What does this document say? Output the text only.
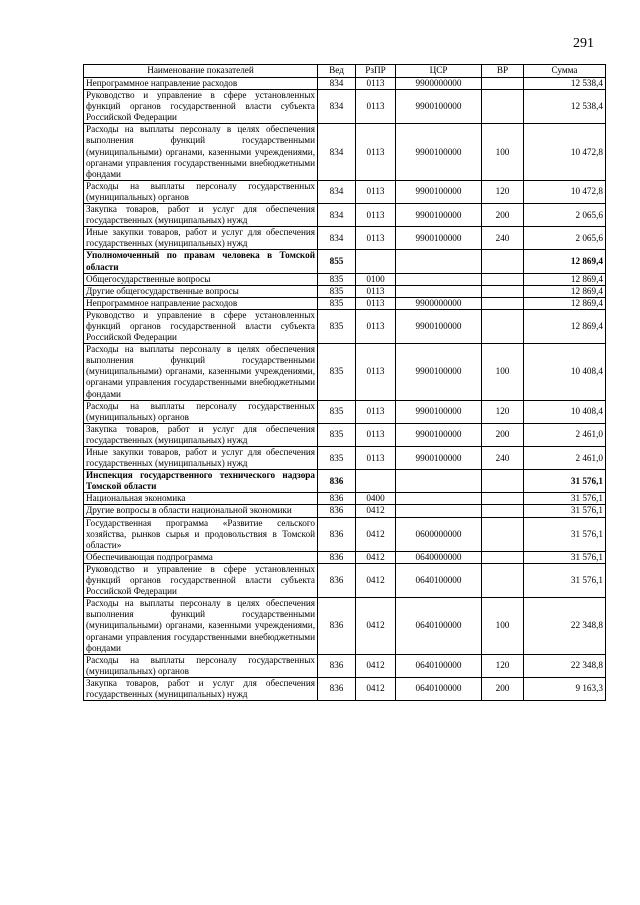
291
Наименование показателей	Вед	РзПР	ЦСР	ВР	Сумма
Непрограммное направление расходов	834	0113	9900000000		12 538,4
Руководство и управление в сфере установленных функций органов государственной власти субъекта Российской Федерации	834	0113	9900100000		12 538,4
Расходы на выплаты персоналу в целях обеспечения выполнения функций государственными (муниципальными) органами, казенными учреждениями, органами управления государственными внебюджетными фондами	834	0113	9900100000	100	10 472,8
Расходы на выплаты персоналу государственных (муниципальных) органов	834	0113	9900100000	120	10 472,8
Закупка товаров, работ и услуг для обеспечения государственных (муниципальных) нужд	834	0113	9900100000	200	2 065,6
Иные закупки товаров, работ и услуг для обеспечения государственных (муниципальных) нужд	834	0113	9900100000	240	2 065,6
Уполномоченный по правам человека в Томской области	855				12 869,4
Общегосударственные вопросы	835	0100			12 869,4
Другие общегосударственные вопросы	835	0113			12 869,4
Непрограммное направление расходов	835	0113	9900000000		12 869,4
Руководство и управление в сфере установленных функций органов государственной власти субъекта Российской Федерации	835	0113	9900100000		12 869,4
Расходы на выплаты персоналу в целях обеспечения выполнения функций государственными (муниципальными) органами, казенными учреждениями, органами управления государственными внебюджетными фондами	835	0113	9900100000	100	10 408,4
Расходы на выплаты персоналу государственных (муниципальных) органов	835	0113	9900100000	120	10 408,4
Закупка товаров, работ и услуг для обеспечения государственных (муниципальных) нужд	835	0113	9900100000	200	2 461,0
Иные закупки товаров, работ и услуг для обеспечения государственных (муниципальных) нужд	835	0113	9900100000	240	2 461,0
Инспекция государственного технического надзора Томской области	836				31 576,1
Национальная экономика	836	0400			31 576,1
Другие вопросы в области национальной экономики	836	0412			31 576,1
Государственная программа «Развитие сельского хозяйства, рынков сырья и продовольствия в Томской области»	836	0412	0600000000		31 576,1
Обеспечивающая подпрограмма	836	0412	0640000000		31 576,1
Руководство и управление в сфере установленных функций органов государственной власти субъекта Российской Федерации	836	0412	0640100000		31 576,1
Расходы на выплаты персоналу в целях обеспечения выполнения функций государственными (муниципальными) органами, казенными учреждениями, органами управления государственными внебюджетными фондами	836	0412	0640100000	100	22 348,8
Расходы на выплаты персоналу государственных (муниципальных) органов	836	0412	0640100000	120	22 348,8
Закупка товаров, работ и услуг для обеспечения государственных (муниципальных) нужд	836	0412	0640100000	200	9 163,3
